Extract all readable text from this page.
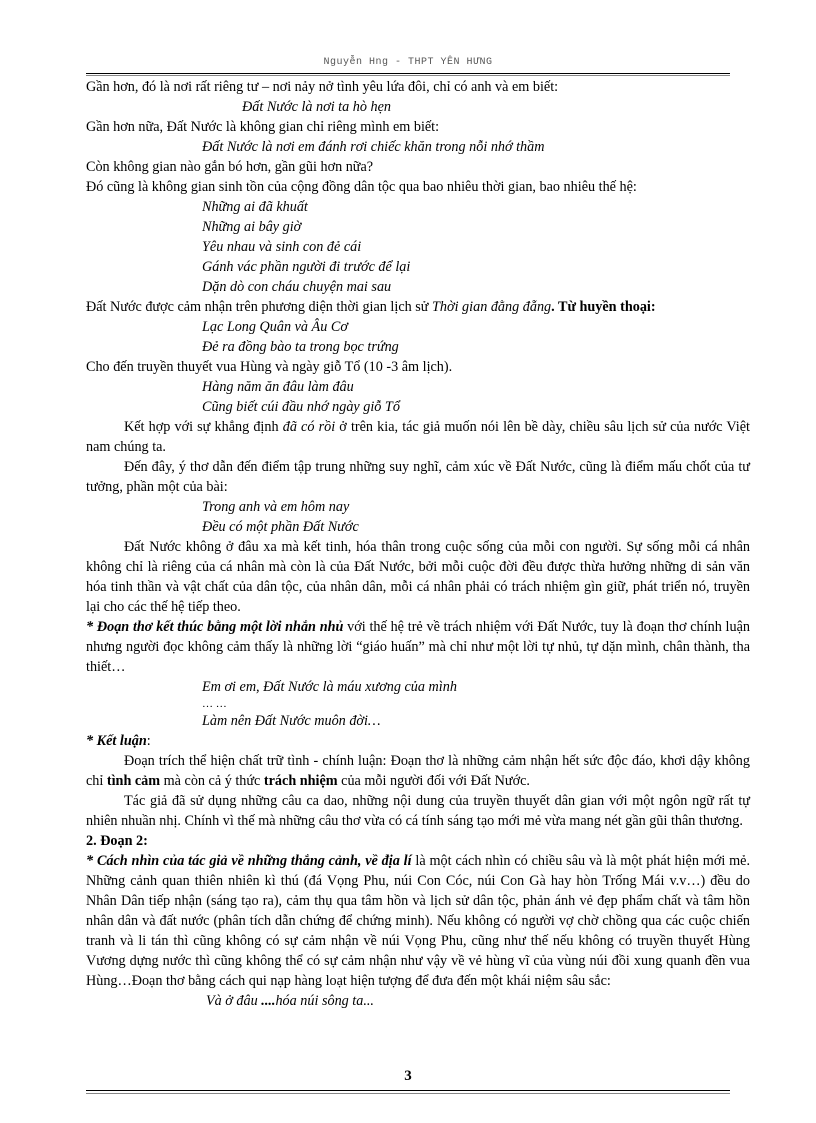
Nguyễn Hng - THPT YÊN HƯNG

Gần hơn, đó là nơi rất riêng tư – nơi nảy nở tình yêu lứa đôi, chỉ có anh và em biết:

Đất Nước là nơi ta hò hẹn

Gần hơn nữa, Đất Nước là không gian chỉ riêng mình em biết:

Đất Nước là nơi em đánh rơi chiếc khăn trong nỗi nhớ thầm

Còn không gian nào gắn bó hơn, gần gũi hơn nữa?

Đó cũng là không gian sinh tồn của cộng đồng dân tộc qua bao nhiêu thời gian, bao nhiêu thế hệ:

Những ai đã khuất

Những ai bây giờ

Yêu nhau và sinh con đẻ cái

Gánh vác phần người đi trước để lại

Dặn dò con cháu chuyện mai sau

Đất Nước được cảm nhận trên phương diện thời gian lịch sử Thời gian đằng đẵng. Từ huyền thoại:

Lạc Long Quân và Âu Cơ

Đẻ ra đồng bào ta trong bọc trứng

Cho đến truyền thuyết vua Hùng và ngày giỗ Tổ (10 -3 âm lịch).

Hàng năm ăn đâu làm đâu

Cũng biết cúi đầu nhớ ngày giỗ Tổ

Kết hợp với sự khẳng định đã có rồi ở trên kia, tác giả muốn nói lên bề dày, chiều sâu lịch sử của nước Việt nam chúng ta.

Đến đây, ý thơ dẫn đến điểm tập trung những suy nghĩ, cảm xúc về Đất Nước, cũng là điểm mấu chốt của tư tưởng, phần một của bài:

Trong anh và em hôm nay

Đều có một phần Đất Nước

Đất Nước không ở đâu xa mà kết tinh, hóa thân trong cuộc sống của mỗi con người. Sự sống mỗi cá nhân không chỉ là riêng của cá nhân mà còn là của Đất Nước, bởi mỗi cuộc đời đều được thừa hưởng những di sản văn hóa tinh thần và vật chất của dân tộc, của nhân dân, mỗi cá nhân phải có trách nhiệm gìn giữ, phát triển nó, truyền lại cho các thế hệ tiếp theo.

* Đoạn thơ kết thúc bằng một lời nhắn nhủ với thế hệ trẻ về trách nhiệm với Đất Nước, tuy là đoạn thơ chính luận nhưng người đọc không cảm thấy là những lời “giáo huấn” mà chỉ như một lời tự nhủ, tự dặn mình, chân thành, tha thiết…

Em ơi em, Đất Nước là máu xương của mình

… …

Làm nên Đất Nước muôn đời…

* Kết luận:

Đoạn trích thể hiện chất trữ tình - chính luận: Đoạn thơ là những cảm nhận hết sức độc đáo, khơi dậy không chỉ tình cảm mà còn cả ý thức trách nhiệm của mỗi người đối với Đất Nước.

Tác giả đã sử dụng những câu ca dao, những nội dung của truyền thuyết dân gian với một ngôn ngữ rất tự nhiên nhuần nhị. Chính vì thế mà những câu thơ vừa có cá tính sáng tạo mới mẻ vừa mang nét gần gũi thân thương.

2. Đoạn 2:

* Cách nhìn của tác giả về những thắng cảnh, về địa lí là một cách nhìn có chiều sâu và là một phát hiện mới mẻ. Những cảnh quan thiên nhiên kì thú (đá Vọng Phu, núi Con Cóc, núi Con Gà hay hòn Trống Mái v.v…) đều do Nhân Dân tiếp nhận (sáng tạo ra), cảm thụ qua tâm hồn và lịch sử dân tộc, phản ánh vẻ đẹp phẩm chất và tâm hồn nhân dân và đất nước (phân tích dẫn chứng để chứng minh). Nếu không có người vợ chờ chồng qua các cuộc chiến tranh và li tán thì cũng không có sự cảm nhận về núi Vọng Phu, cũng như thế nếu không có truyền thuyết Hùng Vương dựng nước thì cũng không thể có sự cảm nhận như vậy về vẻ hùng vĩ của vùng núi đồi xung quanh đền vua Hùng…Đoạn thơ bằng cách qui nạp hàng loạt hiện tượng để đưa đến một khái niệm sâu sắc:

Và ở đâu ....hóa núi sông ta...

3
